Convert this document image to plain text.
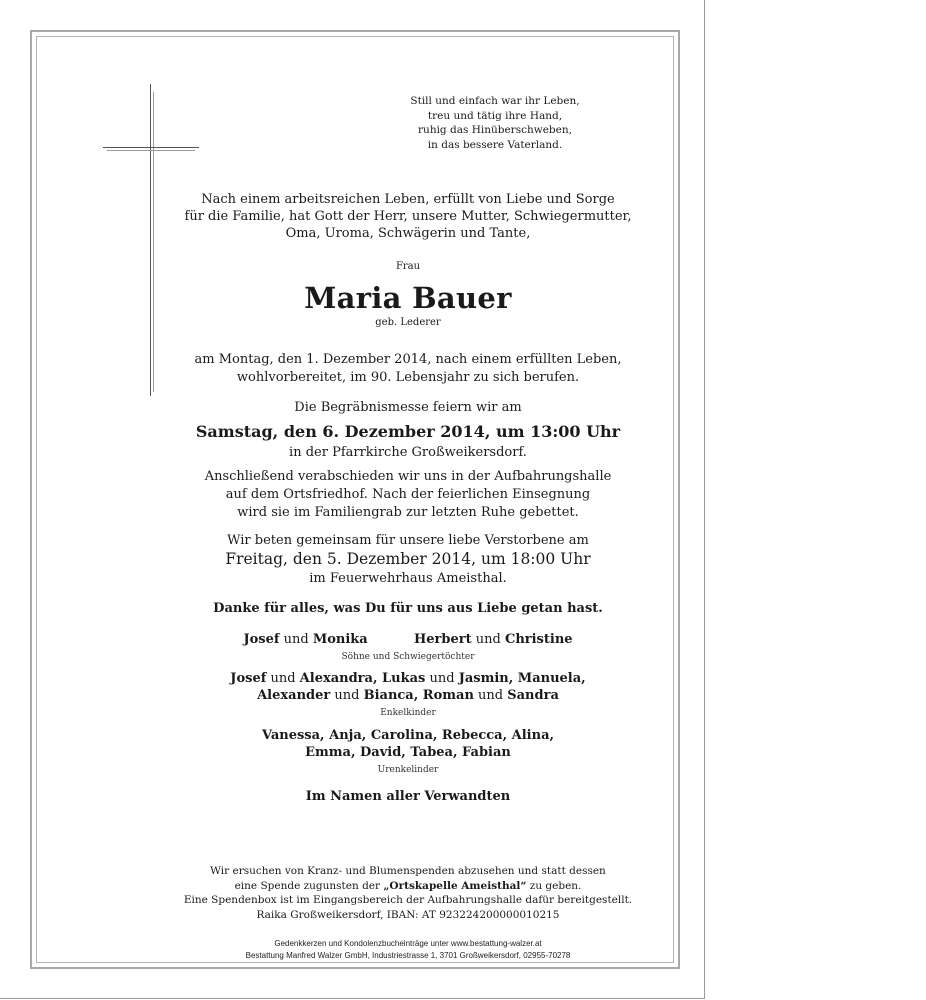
Still und einfach war ihr Leben,
treu und tätig ihre Hand,
ruhig das Hinüberschweben,
in das bessere Vaterland.
Nach einem arbeitsreichen Leben, erfüllt von Liebe und Sorge
für die Familie, hat Gott der Herr, unsere Mutter, Schwiegermutter,
Oma, Uroma, Schwägerin und Tante,
Frau
Maria Bauer
geb. Lederer
am Montag, den 1. Dezember 2014, nach einem erfüllten Leben,
wohlvorbereitet, im 90. Lebensjahr zu sich berufen.
Die Begräbnismesse feiern wir am
Samstag, den 6. Dezember 2014, um 13:00 Uhr
in der Pfarrkirche Großweikersdorf.
Anschließend verabschieden wir uns in der Aufbahrungshalle
auf dem Ortsfriedhof. Nach der feierlichen Einsegnung
wird sie im Familiengrab zur letzten Ruhe gebettet.
Wir beten gemeinsam für unsere liebe Verstorbene am
Freitag, den 5. Dezember 2014, um 18:00 Uhr
im Feuerwehrhaus Ameisthal.
Danke für alles, was Du für uns aus Liebe getan hast.
Josef und Monika	Herbert und Christine
Söhne und Schwiegertöchter
Josef und Alexandra, Lukas und Jasmin, Manuela,
Alexander und Bianca, Roman und Sandra
Enkelkinder
Vanessa, Anja, Carolina, Rebecca, Alina,
Emma, David, Tabea, Fabian
Urenkelinder
Im Namen aller Verwandten
Wir ersuchen von Kranz- und Blumenspenden abzusehen und statt dessen
eine Spende zugunsten der „Ortskapelle Ameisthal“ zu geben.
Eine Spendenbox ist im Eingangsbereich der Aufbahrungshalle dafür bereitgestellt.
Raika Großweikersdorf, IBAN: AT 923224200000010215
Gedenkkerzen und Kondolenzbucheinträge unter www.bestattung-walzer.at
Bestattung Manfred Walzer GmbH, Industriestrasse 1, 3701 Großweikersdorf, 02955-70278
